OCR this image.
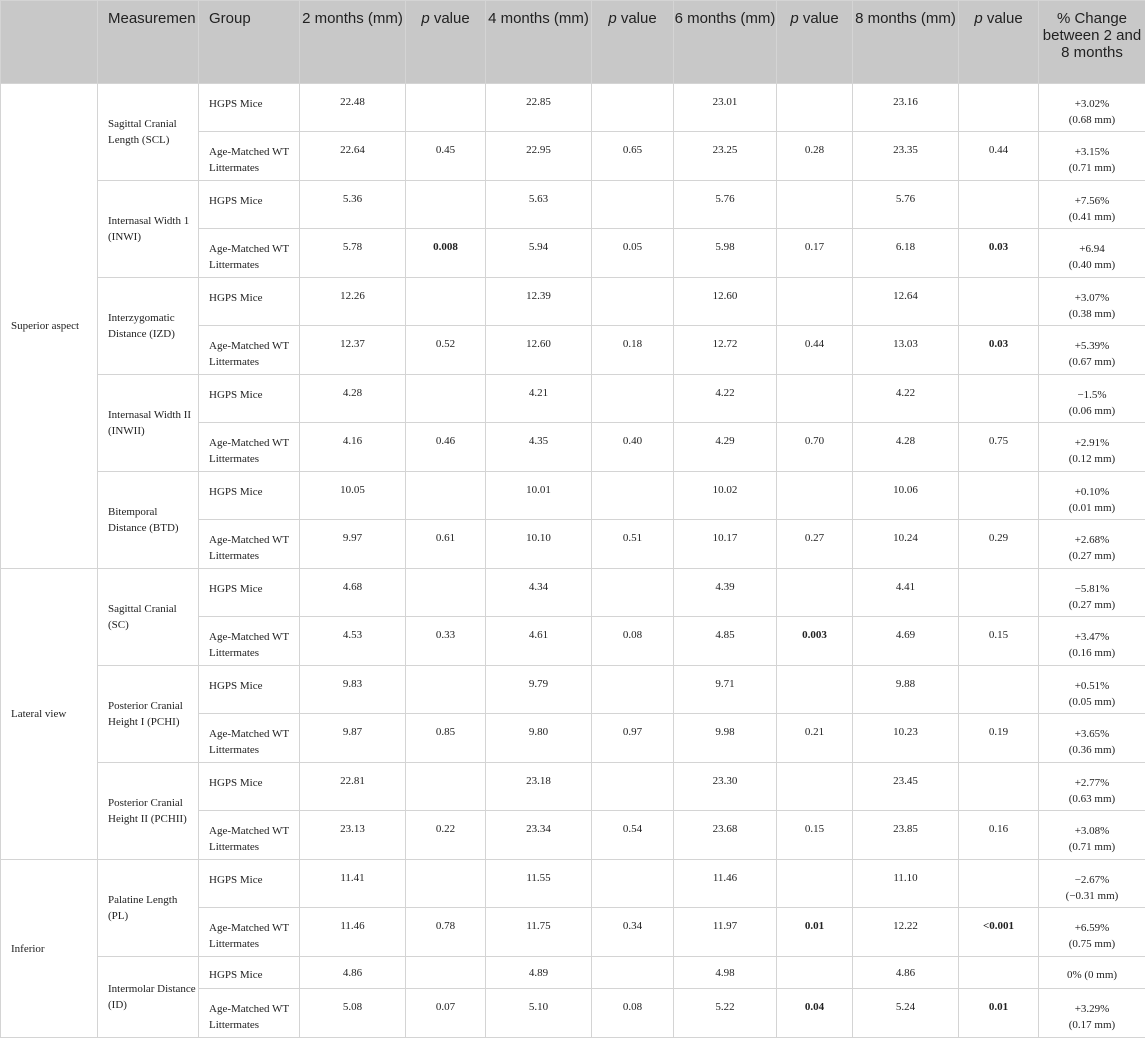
	Measuremen	Group	2 months (mm)	p value	4 months (mm)	p value	6 months (mm)	p value	8 months (mm)	p value	% Change between 2 and 8 months
Superior aspect	Sagittal Cranial Length (SCL)	HGPS Mice	22.48		22.85		23.01		23.16		+3.02%
(0.68 mm)

		Age-Matched WT Littermates	22.64	0.45	22.95	0.65	23.25	0.28	23.35	0.44	+3.15%
(0.71 mm)

	Internasal Width 1 (INWI)	HGPS Mice	5.36		5.63		5.76		5.76		+7.56%
(0.41 mm)

		Age-Matched WT Littermates	5.78	0.008	5.94	0.05	5.98	0.17	6.18	0.03	+6.94
(0.40 mm)

	Interzygomatic Distance (IZD)	HGPS Mice	12.26		12.39		12.60		12.64		+3.07%
(0.38 mm)

		Age-Matched WT Littermates	12.37	0.52	12.60	0.18	12.72	0.44	13.03	0.03	+5.39%
(0.67 mm)

	Internasal Width II (INWII)	HGPS Mice	4.28		4.21		4.22		4.22		−1.5%
(0.06 mm)

		Age-Matched WT Littermates	4.16	0.46	4.35	0.40	4.29	0.70	4.28	0.75	+2.91%
(0.12 mm)

	Bitemporal Distance (BTD)	HGPS Mice	10.05		10.01		10.02		10.06		+0.10%
(0.01 mm)

		Age-Matched WT Littermates	9.97	0.61	10.10	0.51	10.17	0.27	10.24	0.29	+2.68%
(0.27 mm)

Lateral view	Sagittal Cranial (SC)	HGPS Mice	4.68		4.34		4.39		4.41		−5.81%
(0.27 mm)

		Age-Matched WT Littermates	4.53	0.33	4.61	0.08	4.85	0.003	4.69	0.15	+3.47%
(0.16 mm)

	Posterior Cranial Height I (PCHI)	HGPS Mice	9.83		9.79		9.71		9.88		+0.51%
(0.05 mm)

		Age-Matched WT Littermates	9.87	0.85	9.80	0.97	9.98	0.21	10.23	0.19	+3.65%
(0.36 mm)

	Posterior Cranial Height II (PCHII)	HGPS Mice	22.81		23.18		23.30		23.45		+2.77%
(0.63 mm)

		Age-Matched WT Littermates	23.13	0.22	23.34	0.54	23.68	0.15	23.85	0.16	+3.08%
(0.71 mm)

Inferior	Palatine Length (PL)	HGPS Mice	11.41		11.55		11.46		11.10		−2.67%
(−0.31 mm)

		Age-Matched WT Littermates	11.46	0.78	11.75	0.34	11.97	0.01	12.22	<0.001	+6.59%
(0.75 mm)

	Intermolar Distance (ID)	HGPS Mice	4.86		4.89		4.98		4.86		0% (0 mm)

		Age-Matched WT Littermates	5.08	0.07	5.10	0.08	5.22	0.04	5.24	0.01	+3.29%
(0.17 mm)
